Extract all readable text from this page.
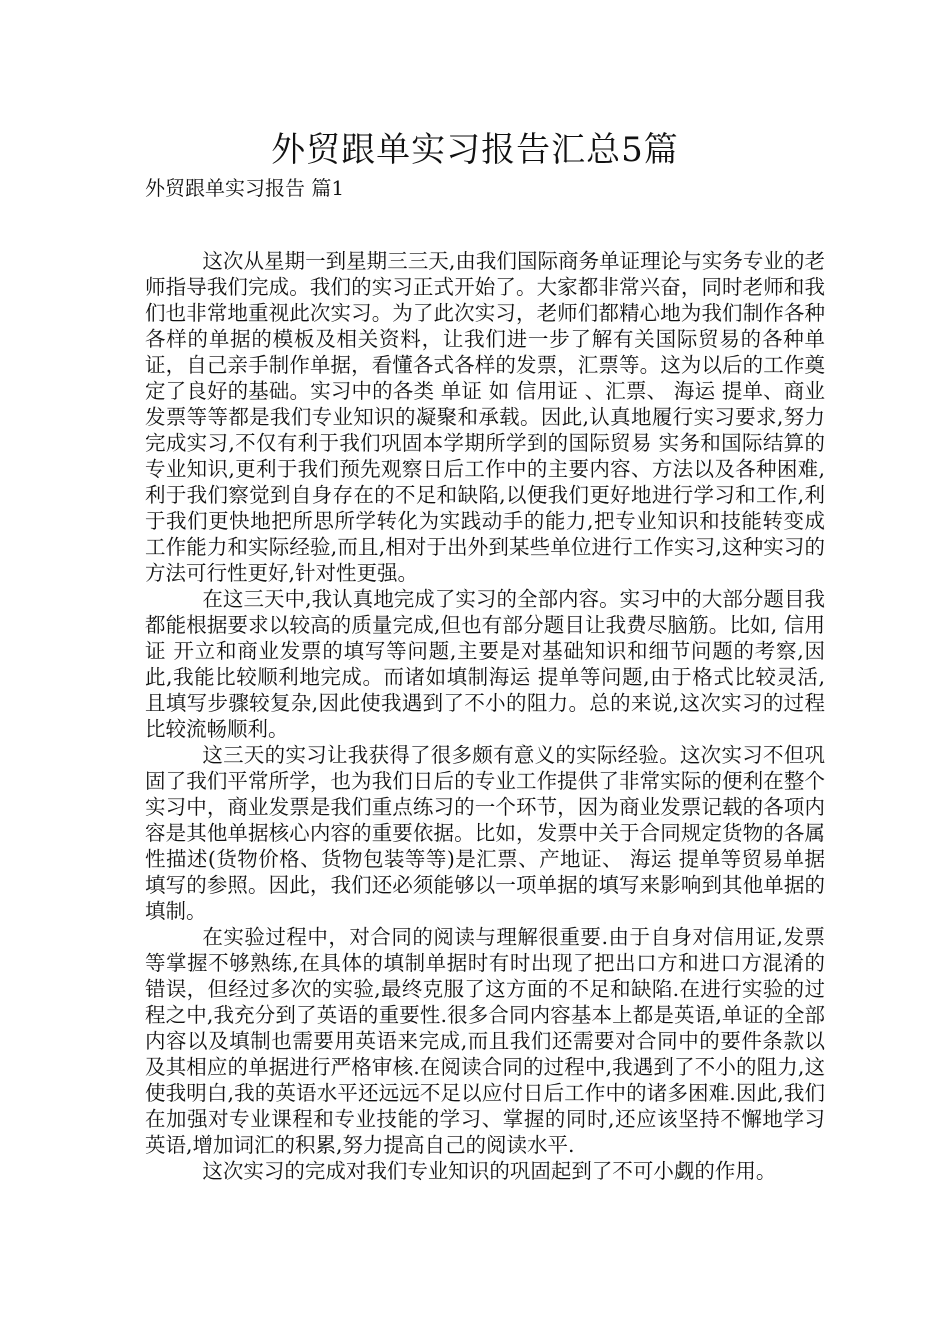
外贸跟单实习报告汇总5篇
外贸跟单实习报告 篇1

这次从星期一到星期三三天,由我们国际商务单证理论与实务专业的老师指导我们完成。我们的实习正式开始了。大家都非常兴奋，同时老师和我们也非常地重视此次实习。为了此次实习，老师们都精心地为我们制作各种各样的单据的模板及相关资料，让我们进一步了解有关国际贸易的各种单证，自己亲手制作单据，看懂各式各样的发票，汇票等。这为以后的工作奠定了良好的基础。实习中的各类 单证 如 信用证 、汇票、 海运 提单、商业发票等等都是我们专业知识的凝聚和承载。因此,认真地履行实习要求,努力完成实习,不仅有利于我们巩固本学期所学到的国际贸易 实务和国际结算的专业知识,更利于我们预先观察日后工作中的主要内容、方法以及各种困难,利于我们察觉到自身存在的不足和缺陷,以便我们更好地进行学习和工作,利于我们更快地把所思所学转化为实践动手的能力,把专业知识和技能转变成工作能力和实际经验,而且,相对于出外到某些单位进行工作实习,这种实习的方法可行性更好,针对性更强。

在这三天中,我认真地完成了实习的全部内容。实习中的大部分题目我都能根据要求以较高的质量完成,但也有部分题目让我费尽脑筋。比如, 信用证 开立和商业发票的填写等问题,主要是对基础知识和细节问题的考察,因此,我能比较顺利地完成。而诸如填制海运 提单等问题,由于格式比较灵活,且填写步骤较复杂,因此使我遇到了不小的阻力。总的来说,这次实习的过程比较流畅顺利。

这三天的实习让我获得了很多颇有意义的实际经验。这次实习不但巩固了我们平常所学，也为我们日后的专业工作提供了非常实际的便利在整个实习中，商业发票是我们重点练习的一个环节，因为商业发票记载的各项内容是其他单据核心内容的重要依据。比如，发票中关于合同规定货物的各属性描述(货物价格、货物包装等等)是汇票、产地证、 海运 提单等贸易单据填写的参照。因此，我们还必须能够以一项单据的填写来影响到其他单据的填制。

在实验过程中，对合同的阅读与理解很重要.由于自身对信用证,发票等掌握不够熟练,在具体的填制单据时有时出现了把出口方和进口方混淆的错误，但经过多次的实验,最终克服了这方面的不足和缺陷.在进行实验的过程之中,我充分到了英语的重要性.很多合同内容基本上都是英语,单证的全部内容以及填制也需要用英语来完成,而且我们还需要对合同中的要件条款以及其相应的单据进行严格审核.在阅读合同的过程中,我遇到了不小的阻力,这使我明白,我的英语水平还远远不足以应付日后工作中的诸多困难.因此,我们在加强对专业课程和专业技能的学习、掌握的同时,还应该坚持不懈地学习英语,增加词汇的积累,努力提高自己的阅读水平.

这次实习的完成对我们专业知识的巩固起到了不可小觑的作用。
